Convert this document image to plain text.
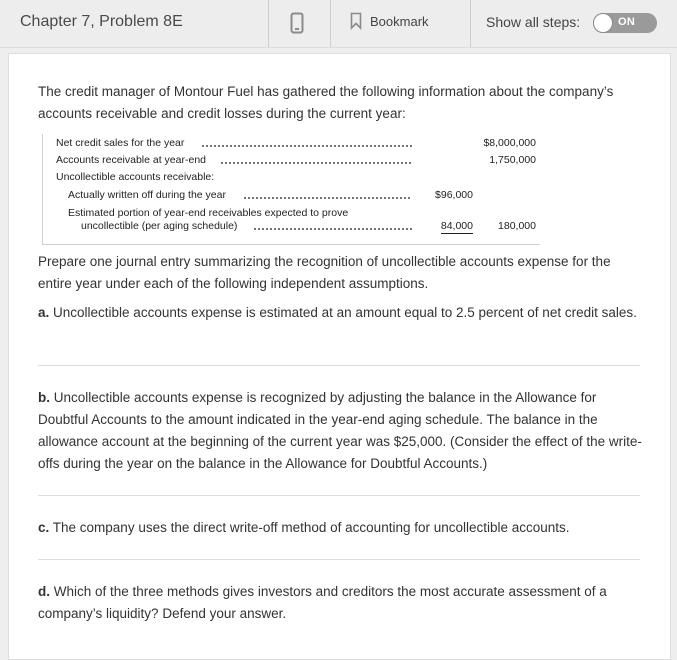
Chapter 7, Problem 8E	Bookmark	Show all steps:	ON

The credit manager of Montour Fuel has gathered the following information about the company’s accounts receivable and credit losses during the current year:

Net credit sales for the year	$8,000,000
Accounts receivable at year-end	1,750,000
Uncollectible accounts receivable:
Actually written off during the year	$96,000
Estimated portion of year-end receivables expected to prove
uncollectible (per aging schedule)	84,000 180,000

Prepare one journal entry summarizing the recognition of uncollectible accounts expense for the entire year under each of the following independent assumptions.

a. Uncollectible accounts expense is estimated at an amount equal to 2.5 percent of net credit sales.

b. Uncollectible accounts expense is recognized by adjusting the balance in the Allowance for Doubtful Accounts to the amount indicated in the year-end aging schedule. The balance in the allowance account at the beginning of the current year was $25,000. (Consider the effect of the write-offs during the year on the balance in the Allowance for Doubtful Accounts.)

c. The company uses the direct write-off method of accounting for uncollectible accounts.

d. Which of the three methods gives investors and creditors the most accurate assessment of a company’s liquidity? Defend your answer.
